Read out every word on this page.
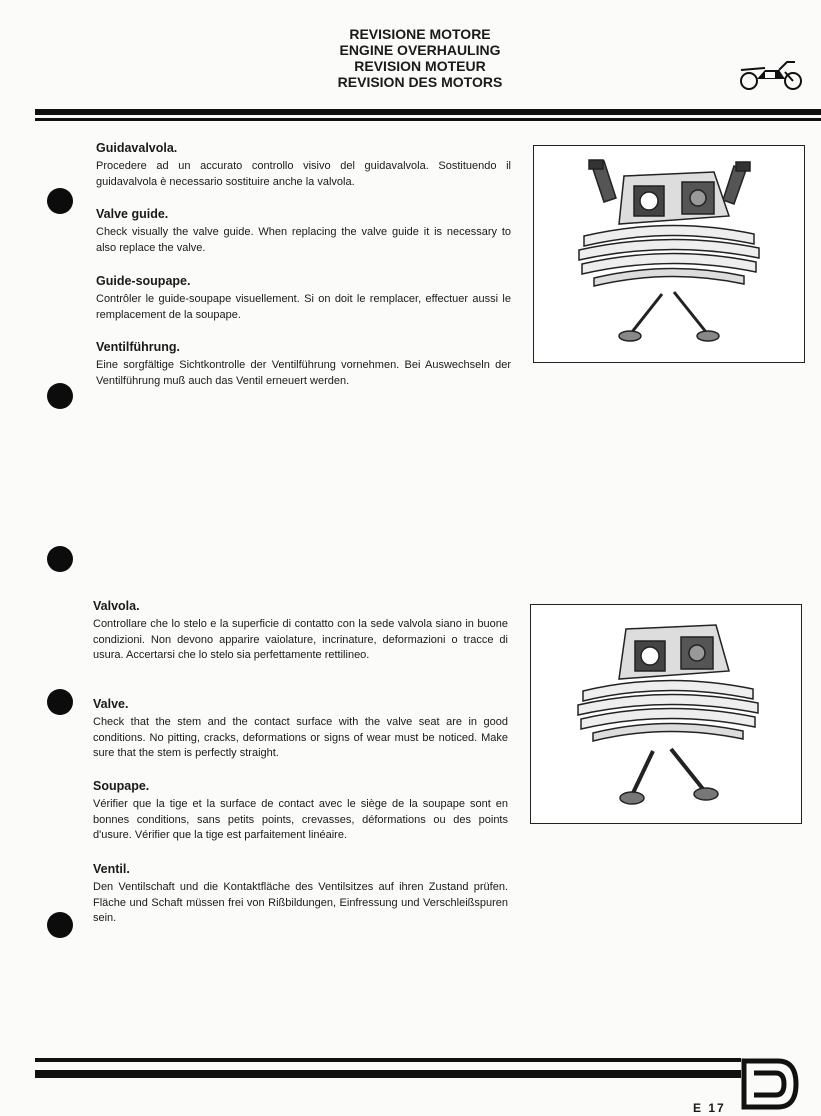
REVISIONE MOTORE
ENGINE OVERHAULING
REVISION MOTEUR
REVISION DES MOTORS
Guidavalvola.

Procedere ad un accurato controllo visivo del guidavalvola. Sostituendo il guidavalvola è necessario sostituire anche la valvola.

Valve guide.

Check visually the valve guide. When replacing the valve guide it is necessary to also replace the valve.

Guide-soupape.

Contrôler le guide-soupape visuellement. Si on doit le remplacer, effectuer aussi le remplacement de la soupape.

Ventilführung.

Eine sorgfältige Sichtkontrolle der Ventilführung vornehmen. Bei Auswechseln der Ventilführung muß auch das Ventil erneuert werden.

Valvola.

Controllare che lo stelo e la superficie di contatto con la sede valvola siano in buone condizioni. Non devono apparire vaiolature, incrinature, deformazioni o tracce di usura. Accertarsi che lo stelo sia perfettamente rettilineo.

Valve.

Check that the stem and the contact surface with the valve seat are in good conditions. No pitting, cracks, deformations or signs of wear must be noticed. Make sure that the stem is perfectly straight.

Soupape.

Vérifier que la tige et la surface de contact avec le siège de la soupape sont en bonnes conditions, sans petits points, crevasses, déformations ou des points d'usure. Vérifier que la tige est parfaitement linéaire.

Ventil.

Den Ventilschaft und die Kontaktfläche des Ventilsitzes auf ihren Zustand prüfen. Fläche und Schaft müssen frei von Rißbildungen, Einfressung und Verschleißspuren sein.

E 17
